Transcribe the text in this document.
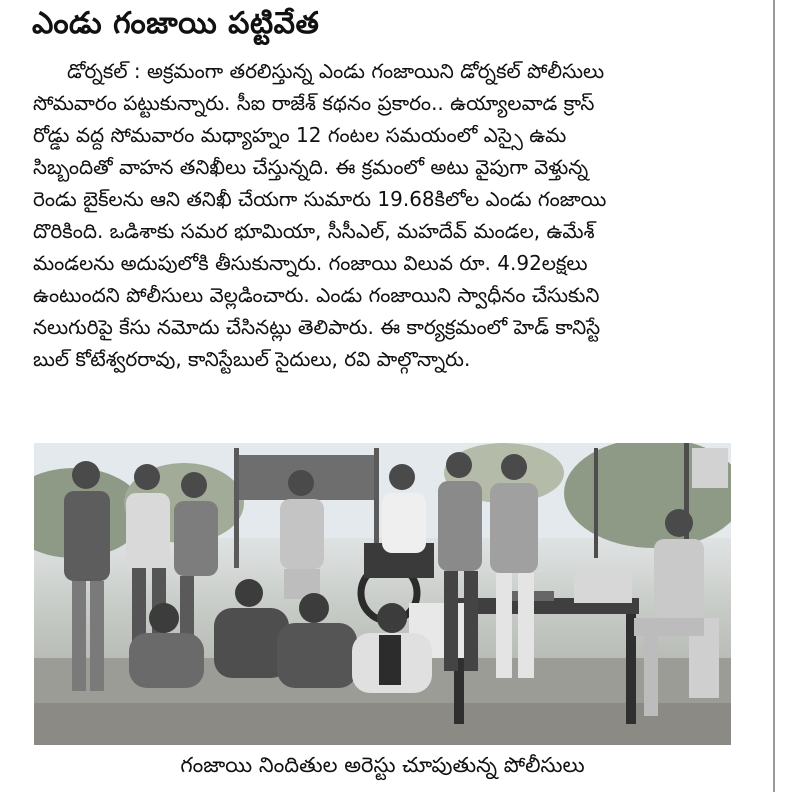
ఎండు గంజాయి పట్టివేత
డోర్నకల్ : అక్రమంగా తరలిస్తున్న ఎండు గంజాయిని డోర్నకల్ పోలీసులు
సోమవారం పట్టుకున్నారు. సీఐ రాజేశ్ కథనం ప్రకారం.. ఉయ్యాలవాడ క్రాస్
రోడ్డు వద్ద సోమవారం మధ్యాహ్నం 12 గంటల సమయంలో ఎస్సై ఉమ
సిబ్బందితో వాహన తనిఖీలు చేస్తున్నది. ఈ క్రమంలో అటు వైపుగా వెళ్తున్న
రెండు బైక్‌లను ఆని తనిఖీ చేయగా సుమారు 19.68కిలోల ఎండు గంజాయి
దొరికింది. ఒడిశాకు సమర భూమియా, సీసీఎల్, మహదేవ్ మండల, ఉమేశ్
మండలను అదుపులోకి తీసుకున్నారు. గంజాయి విలువ రూ. 4.92లక్షలు
ఉంటుందని పోలీసులు వెల్లడించారు. ఎండు గంజాయిని స్వాధీనం చేసుకుని
నలుగురిపై కేసు నమోదు చేసినట్లు తెలిపారు. ఈ కార్యక్రమంలో హెడ్ కానిస్టే
బుల్ కోటేశ్వరరావు, కానిస్టేబుల్ సైదులు, రవి పాల్గొన్నారు.
గంజాయి నిందితుల అరెస్టు చూపుతున్న పోలీసులు
